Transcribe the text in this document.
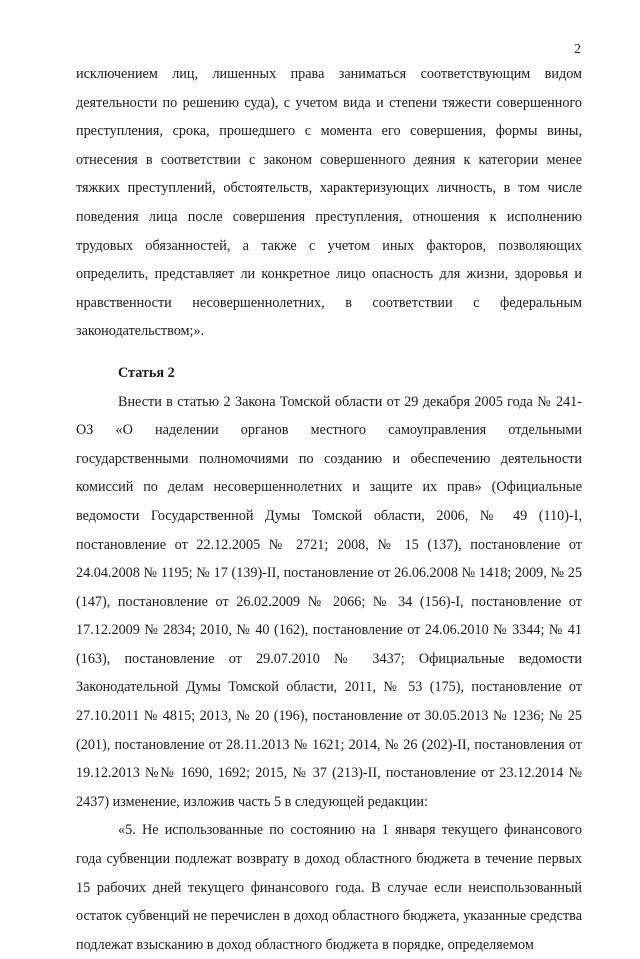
2

исключением лиц, лишенных права заниматься соответствующим видом деятельности по решению суда), с учетом вида и степени тяжести совершенного преступления, срока, прошедшего с момента его совершения, формы вины, отнесения в соответствии с законом совершенного деяния к категории менее тяжких преступлений, обстоятельств, характеризующих личность, в том числе поведения лица после совершения преступления, отношения к исполнению трудовых обязанностей, а также с учетом иных факторов, позволяющих определить, представляет ли конкретное лицо опасность для жизни, здоровья и нравственности несовершеннолетних, в соответствии с федеральным законодательством;».

Статья 2

Внести в статью 2 Закона Томской области от 29 декабря 2005 года № 241-ОЗ «О наделении органов местного самоуправления отдельными государственными полномочиями по созданию и обеспечению деятельности комиссий по делам несовершеннолетних и защите их прав» (Официальные ведомости Государственной Думы Томской области, 2006, № 49 (110)-I, постановление от 22.12.2005 № 2721; 2008, № 15 (137), постановление от 24.04.2008 № 1195; № 17 (139)-II, постановление от 26.06.2008 № 1418; 2009, № 25 (147), постановление от 26.02.2009 № 2066; № 34 (156)-I, постановление от 17.12.2009 № 2834; 2010, № 40 (162), постановление от 24.06.2010 № 3344; № 41 (163), постановление от 29.07.2010 № 3437; Официальные ведомости Законодательной Думы Томской области, 2011, № 53 (175), постановление от 27.10.2011 № 4815; 2013, № 20 (196), постановление от 30.05.2013 № 1236; № 25 (201), постановление от 28.11.2013 № 1621; 2014, № 26 (202)-II, постановления от 19.12.2013 №№ 1690, 1692; 2015, № 37 (213)-II, постановление от 23.12.2014 № 2437) изменение, изложив часть 5 в следующей редакции:

«5. Не использованные по состоянию на 1 января текущего финансового года субвенции подлежат возврату в доход областного бюджета в течение первых 15 рабочих дней текущего финансового года. В случае если неиспользованный остаток субвенций не перечислен в доход областного бюджета, указанные средства подлежат взысканию в доход областного бюджета в порядке, определяемом
